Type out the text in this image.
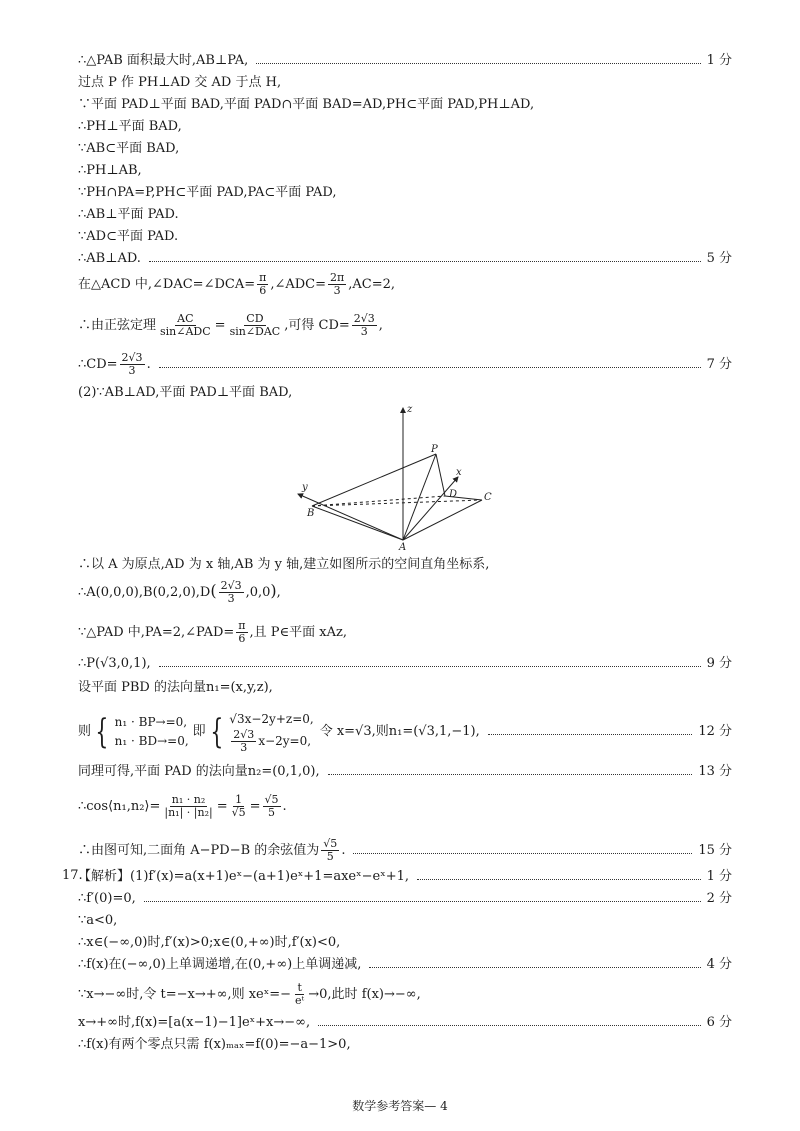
∴△PAB 面积最大时,AB⊥PA,	1 分
过点 P 作 PH⊥AD 交 AD 于点 H,
∵平面 PAD⊥平面 BAD,平面 PAD∩平面 BAD=AD,PH⊂平面 PAD,PH⊥AD,
∴PH⊥平面 BAD,
∵AB⊂平面 BAD,
∴PH⊥AB,
∵PH∩PA=P,PH⊂平面 PAD,PA⊂平面 PAD,
∴AB⊥平面 PAD.
∵AD⊂平面 PAD.
∴AB⊥AD.	5 分
在△ACD 中,∠DAC=∠DCA= $\frac{\pi}{6}$ ,∠ADC= $\frac{2\pi}{3} ,AC=2$,
∴由正弦定理 $\frac{AC}{\text{sin∠ADC}} = \frac{CD}{\text{sin∠DAC}}$ ,可得 $CD= \frac{2√3}{3}$ ,
∴CD= $\frac{2√3}{3}$ .	7 分
(2)∵AB⊥AD,平面 PAD⊥平面 BAD,
z
y
x
P
B
D	C
A
∴以 A 为原点,AD 为 x 轴,AB 为 y 轴,建立如图所示的空间直角坐标系,
∴A(0,0,0),B(0,2,0),D( $\frac{2√3}{3} ,0,0$),
∵△PAD 中,PA=2,∠PAD= $\frac{\pi}{6}$ ,且 P∈平面 xAz,
∴P(√3,0,1),	9 分
设平面 PBD 的法向量n₁=(x,y,z),
则 { n₁ · BP→=0,
n₁ · BD→=0,
即 { √3x−2y+z=0,
$\frac{2√3}{3} x-2y=0$,
令 x=√3,则n₁=(√3,1,−1),	12 分
同理可得,平面 PAD 的法向量n₂=(0,1,0),	13 分
∴cos⟨n₁,n₂⟩= $\frac{\text{n₁ · n₂}}{\text{|n₁| · |n₂|}} = \frac{1}{√5} = \frac{√5}{5}$ .
∴由图可知,二面角 A−PD−B 的余弦值为 $\frac{√5}{5}$ .	15 分
17.
【解析】(1)f′(x)=a(x+1)eˣ−(a+1)eˣ+1=axeˣ−eˣ+1,	1 分
∴f′(0)=0,	2 分
∵a<0,
∴x∈(−∞,0)时,f′(x)>0;x∈(0,+∞)时,f′(x)<0,
∴f(x)在(−∞,0)上单调递增,在(0,+∞)上单调递减,	4 分
∵x→−∞时,令 t=−x→+∞,则 xeˣ=− $\frac{t}{\text{eᵗ}} \to 0$,此时 f(x)→−∞,
x→+∞时,f(x)=[a(x−1)−1]eˣ+x→−∞,	6 分
∴f(x)有两个零点只需 f(x)ₘₐₓ=f(0)=−a−1>0,
数学参考答案— 4
